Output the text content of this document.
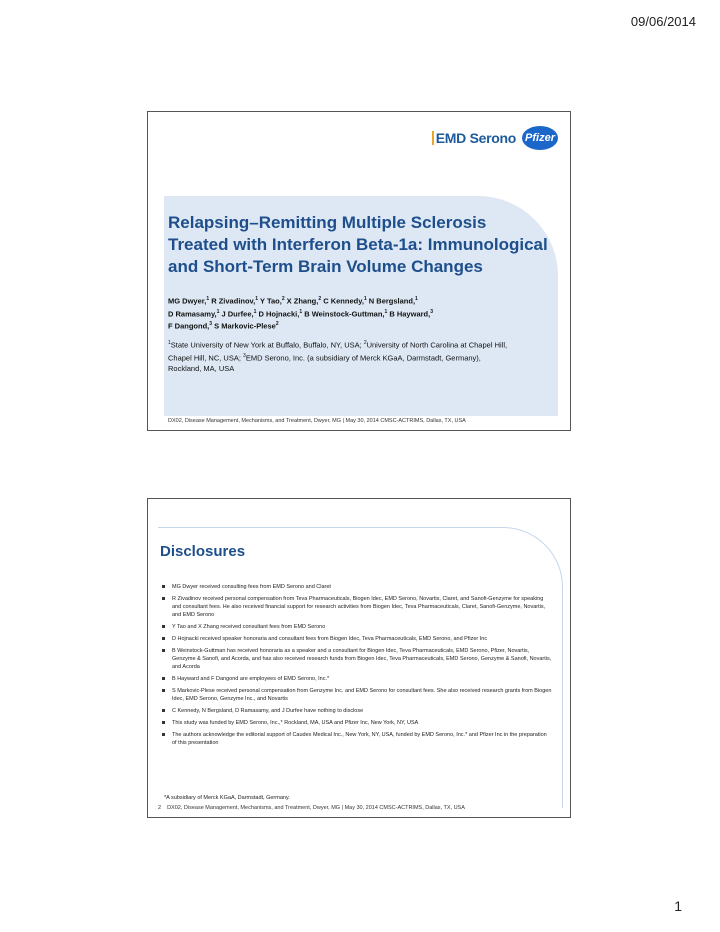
09/06/2014
EMD Serono Pfizer
Relapsing–Remitting Multiple Sclerosis
Treated with Interferon Beta-1a: Immunological
and Short-Term Brain Volume Changes
MG Dwyer,$^1$ R Zivadinov,$^1$ Y Tao,$^2$ X Zhang,$^2$ C Kennedy,$^1$ N Bergsland,$^1$
D Ramasamy,$^1$ J Durfee,$^1$ D Hojnacki,$^1$ B Weinstock-Guttman,$^1$ B Hayward,$^3$
F Dangond,$^3$ S Markovic-Plese$^2$
$^1$State University of New York at Buffalo, Buffalo, NY, USA; $^2$University of North Carolina at Chapel Hill, Chapel Hill, NC, USA; $^3$EMD Serono, Inc. (a subsidiary of Merck KGaA, Darmstadt, Germany), Rockland, MA, USA
DX02, Disease Management, Mechanisms, and Treatment, Dwyer, MG | May 30, 2014 CMSC-ACTRIMS, Dallas, TX, USA
Disclosures
MG Dwyer received consulting fees from EMD Serono and Claret
R Zivadinov received personal compensation from Teva Pharmaceuticals, Biogen Idec, EMD Serono, Novartis, Claret, and Sanofi-Genzyme for speaking and consultant fees. He also received financial support for research activities from Biogen Idec, Teva Pharmaceuticals, Claret, Sanofi-Genzyme, Novartis, and EMD Serono
Y Tao and X Zhang received consultant fees from EMD Serono
D Hojnacki received speaker honoraria and consultant fees from Biogen Idec, Teva Pharmaceuticals, EMD Serono, and Pfizer Inc
B Weinstock-Guttman has received honoraria as a speaker and a consultant for Biogen Idec, Teva Pharmaceuticals, EMD Serono, Pfizer, Novartis, Genzyme & Sanofi, and Acorda, and has also received research funds from Biogen Idec, Teva Pharmaceuticals, EMD Serono, Genzyme & Sanofi, Novartis, and Acorda
B Hayward and F Dangond are employees of EMD Serono, Inc.*
S Markovic-Plese received personal compensation from Genzyme Inc. and EMD Serono for consultant fees. She also received research grants from Biogen Idec, EMD Serono, Genzyme Inc., and Novartis
C Kennedy, N Bergsland, D Ramasamy, and J Durfee have nothing to disclose
This study was funded by EMD Serono, Inc.,* Rockland, MA, USA and Pfizer Inc, New York, NY, USA
The authors acknowledge the editorial support of Caudex Medical Inc., New York, NY, USA, funded by EMD Serono, Inc.* and Pfizer Inc in the preparation of this presentation
*A subsidiary of Merck KGaA, Darmstadt, Germany.
2 DX02, Disease Management, Mechanisms, and Treatment, Dwyer, MG | May 30, 2014 CMSC-ACTRIMS, Dallas, TX, USA
1
